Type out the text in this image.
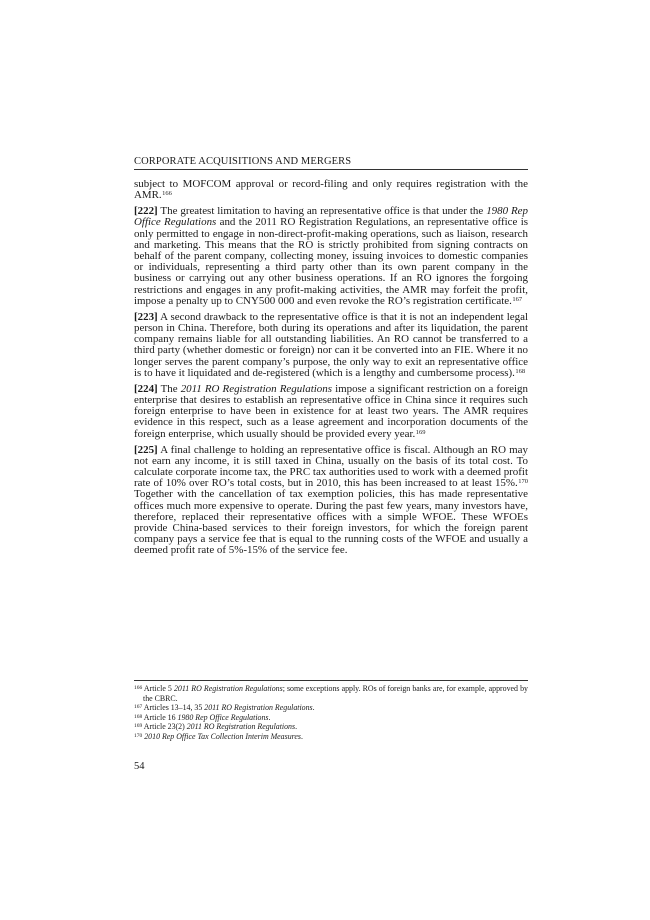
CORPORATE ACQUISITIONS AND MERGERS

subject to MOFCOM approval or record-filing and only requires registration with the AMR.$^{166}$

[222] The greatest limitation to having an representative office is that under the 1980 Rep Office Regulations and the 2011 RO Registration Regulations, an representative office is only permitted to engage in non-direct-profit-making operations, such as liaison, research and marketing. This means that the RO is strictly prohibited from signing contracts on behalf of the parent company, collecting money, issuing invoices to domestic companies or individuals, representing a third party other than its own parent company in the business or carrying out any other business operations. If an RO ignores the forgoing restrictions and engages in any profit-making activities, the AMR may forfeit the profit, impose a penalty up to CNY500 000 and even revoke the RO’s registration certificate.$^{167}$

[223] A second drawback to the representative office is that it is not an independent legal person in China. Therefore, both during its operations and after its liquidation, the parent company remains liable for all outstanding liabilities. An RO cannot be transferred to a third party (whether domestic or foreign) nor can it be converted into an FIE. Where it no longer serves the parent company’s purpose, the only way to exit an representative office is to have it liquidated and de-registered (which is a lengthy and cumbersome process).$^{168}$

[224] The 2011 RO Registration Regulations impose a significant restriction on a foreign enterprise that desires to establish an representative office in China since it requires such foreign enterprise to have been in existence for at least two years. The AMR requires evidence in this respect, such as a lease agreement and incorporation documents of the foreign enterprise, which usually should be provided every year.$^{169}$

[225] A final challenge to holding an representative office is fiscal. Although an RO may not earn any income, it is still taxed in China, usually on the basis of its total cost. To calculate corporate income tax, the PRC tax authorities used to work with a deemed profit rate of 10% over RO’s total costs, but in 2010, this has been increased to at least 15%.$^{170}$ Together with the cancellation of tax exemption policies, this has made representative offices much more expensive to operate. During the past few years, many investors have, therefore, replaced their representative offices with a simple WFOE. These WFOEs provide China-based services to their foreign investors, for which the foreign parent company pays a service fee that is equal to the running costs of the WFOE and usually a deemed profit rate of 5%-15% of the service fee.

$^{166}$ Article 5 2011 RO Registration Regulations; some exceptions apply. ROs of foreign banks are, for example, approved by the CBRC.

$^{167}$ Articles 13–14, 35 2011 RO Registration Regulations.

$^{168}$ Article 16 1980 Rep Office Regulations.

$^{169}$ Article 23(2) 2011 RO Registration Regulations.

$^{170}$ 2010 Rep Office Tax Collection Interim Measures.

54
